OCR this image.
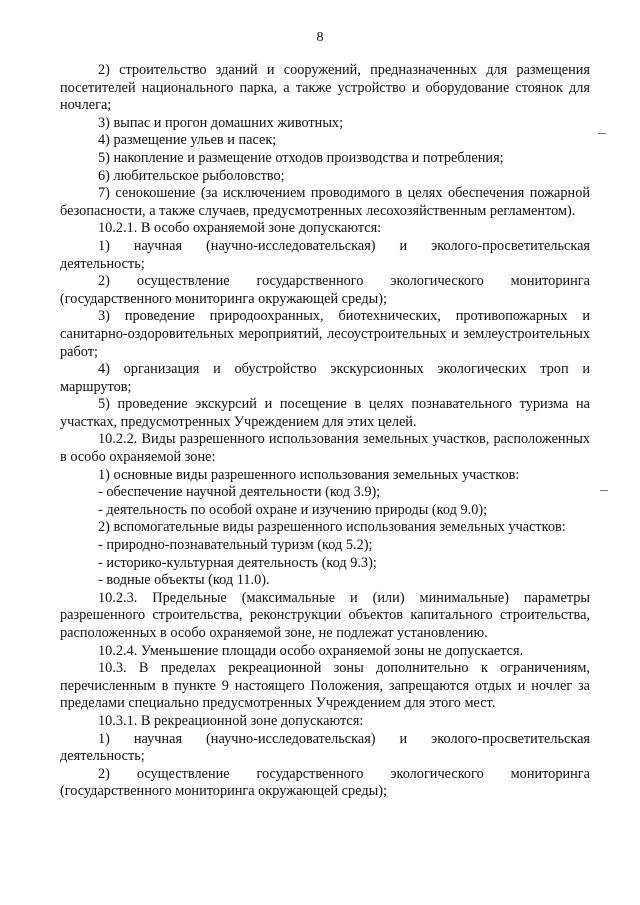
8

2) строительство зданий и сооружений, предназначенных для размещения посетителей национального парка, а также устройство и оборудование стоянок для ночлега;

3) выпас и прогон домашних животных;

4) размещение ульев и пасек;

5) накопление и размещение отходов производства и потребления;

6) любительское рыболовство;

7) сенокошение (за исключением проводимого в целях обеспечения пожарной безопасности, а также случаев, предусмотренных лесохозяйственным регламентом).

10.2.1. В особо охраняемой зоне допускаются:

1) научная (научно-исследовательская) и эколого-просветительская деятельность;

2) осуществление государственного экологического мониторинга (государственного мониторинга окружающей среды);

3) проведение природоохранных, биотехнических, противопожарных и санитарно-оздоровительных мероприятий, лесоустроительных и землеустроительных работ;

4) организация и обустройство экскурсионных экологических троп и маршрутов;

5) проведение экскурсий и посещение в целях познавательного туризма на участках, предусмотренных Учреждением для этих целей.

10.2.2. Виды разрешенного использования земельных участков, расположенных в особо охраняемой зоне:

1) основные виды разрешенного использования земельных участков:

- обеспечение научной деятельности (код 3.9);

- деятельность по особой охране и изучению природы (код 9.0);

2) вспомогательные виды разрешенного использования земельных участков:

- природно-познавательный туризм (код 5.2);

- историко-культурная деятельность (код 9.3);

- водные объекты (код 11.0).

10.2.3. Предельные (максимальные и (или) минимальные) параметры разрешенного строительства, реконструкции объектов капитального строительства, расположенных в особо охраняемой зоне, не подлежат установлению.

10.2.4. Уменьшение площади особо охраняемой зоны не допускается.

10.3. В пределах рекреационной зоны дополнительно к ограничениям, перечисленным в пункте 9 настоящего Положения, запрещаются отдых и ночлег за пределами специально предусмотренных Учреждением для этого мест.

10.3.1. В рекреационной зоне допускаются:

1) научная (научно-исследовательская) и эколого-просветительская деятельность;

2) осуществление государственного экологического мониторинга (государственного мониторинга окружающей среды);
